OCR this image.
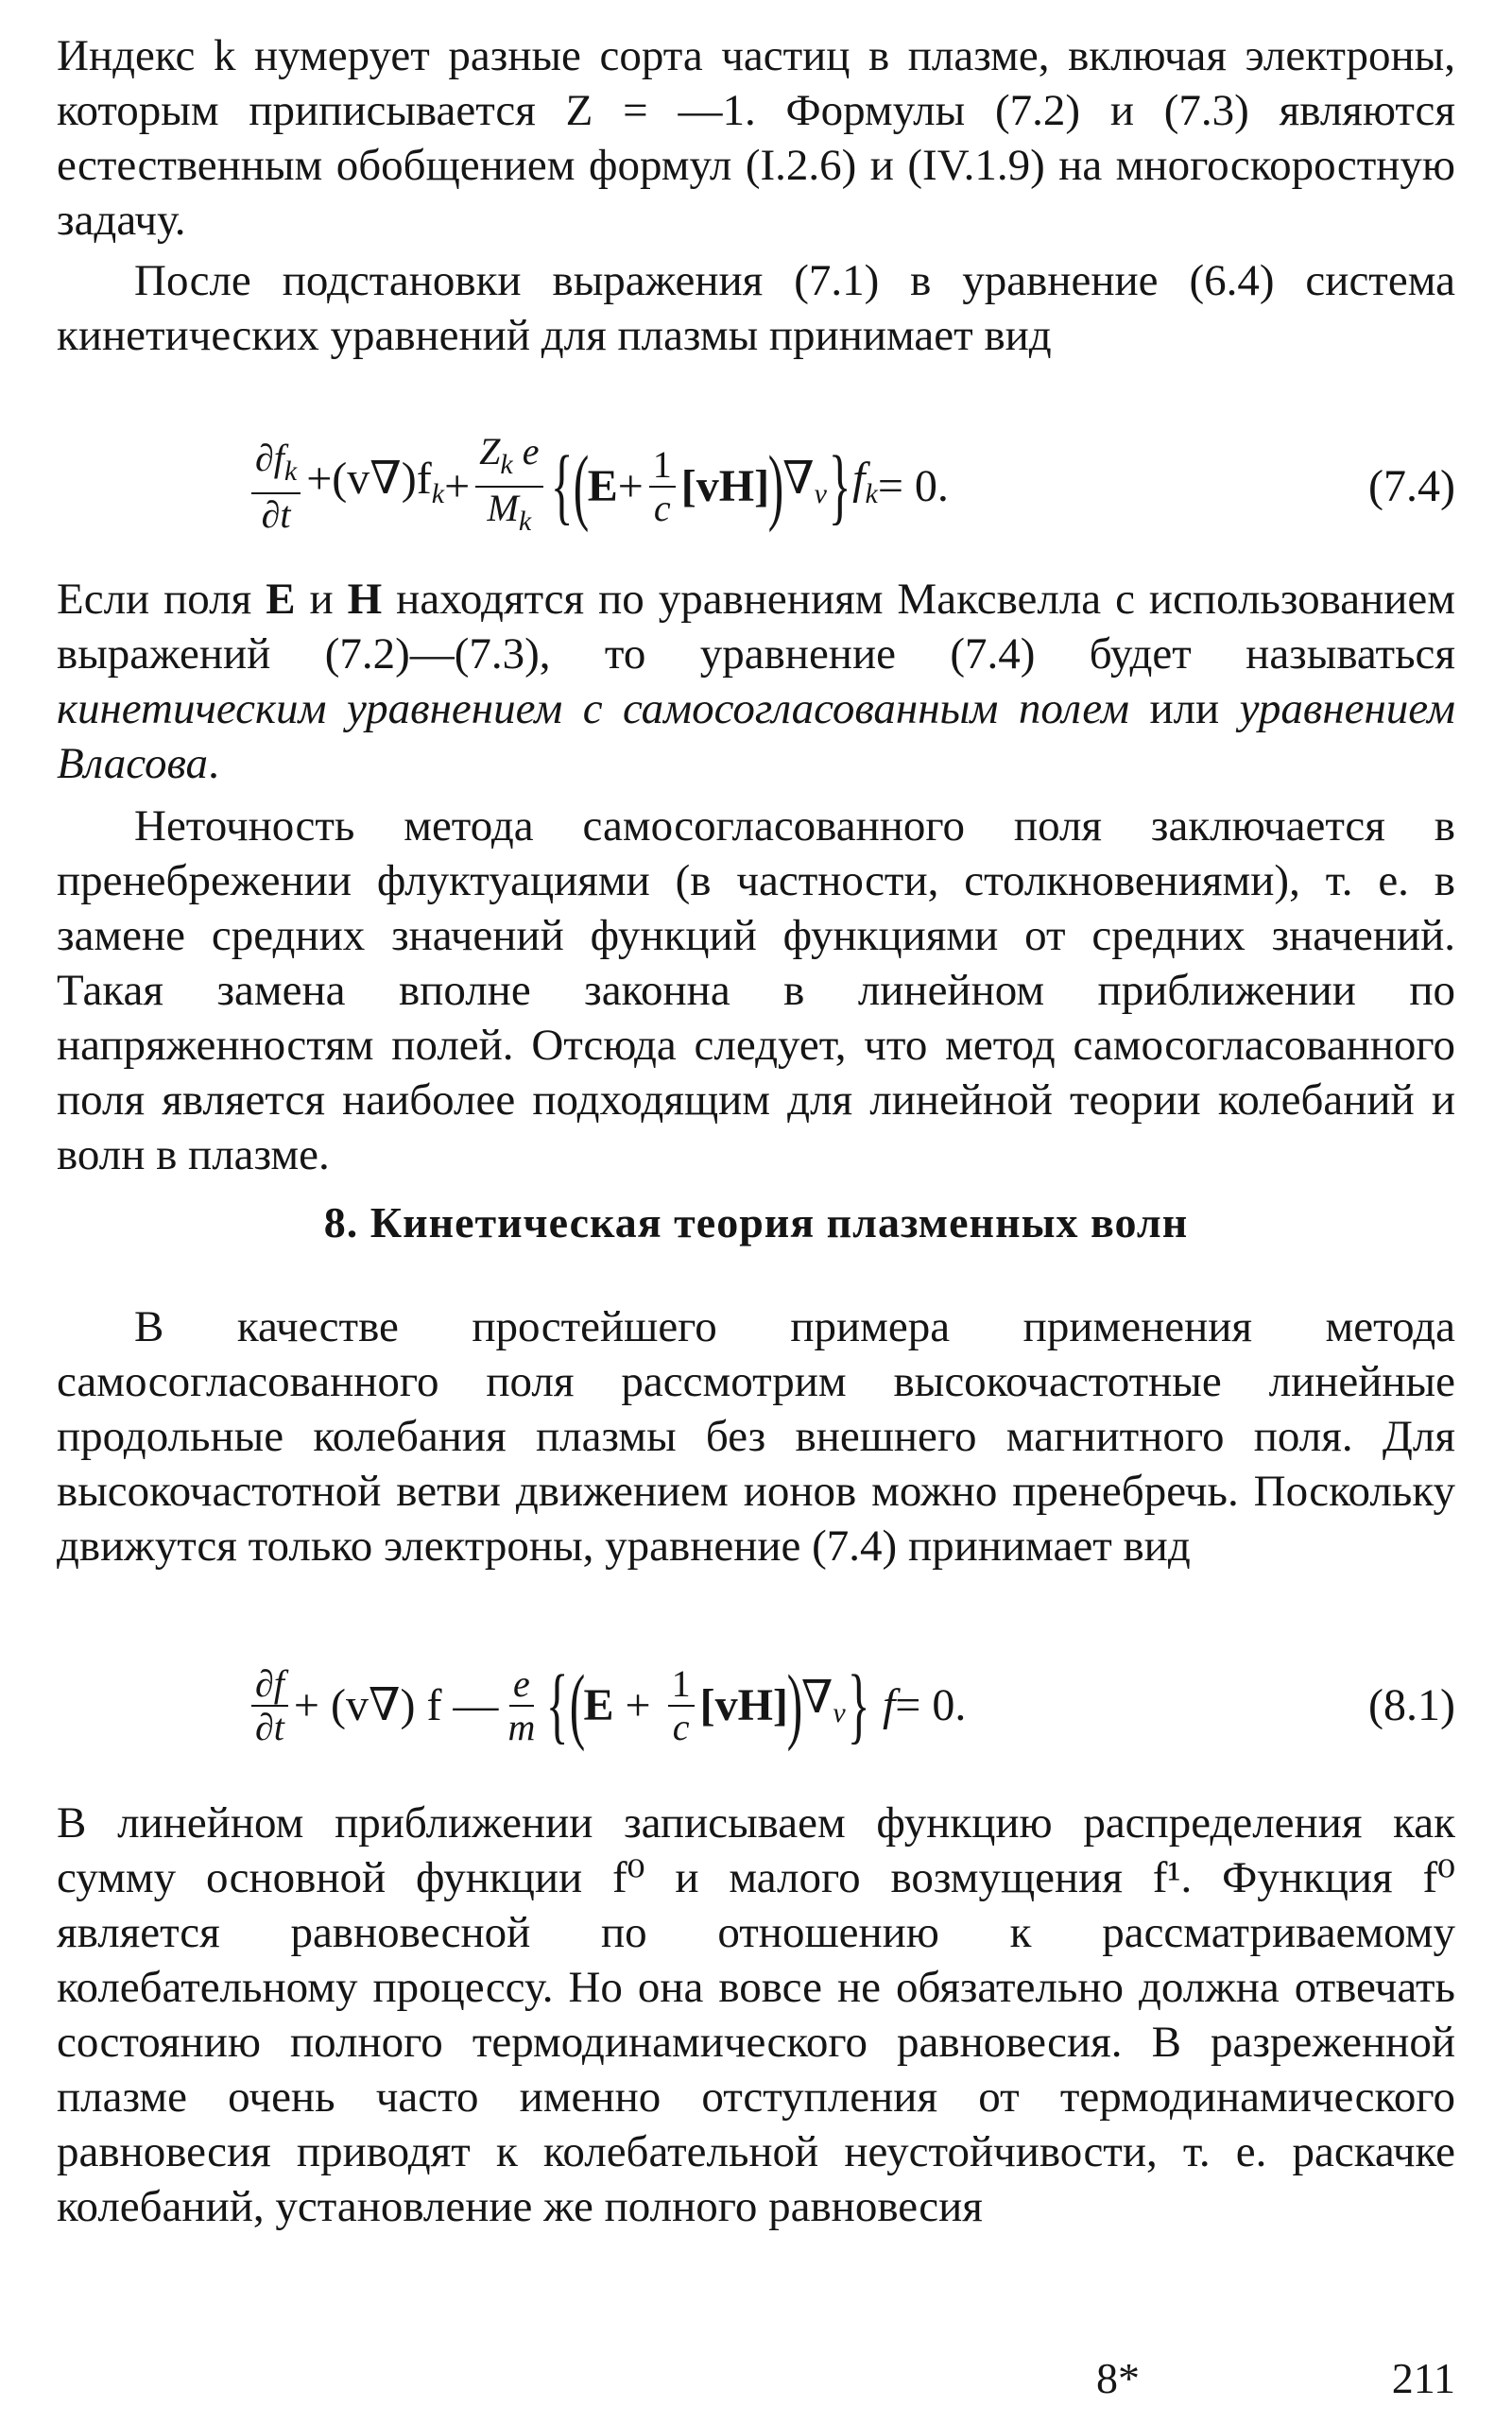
Индекс k нумерует разные сорта частиц в плазме, включая электроны, которым приписывается Z = —1. Формулы (7.2) и (7.3) являются естественным обобщением формул (I.2.6) и (IV.1.9) на многоскоростную задачу.

После подстановки выражения (7.1) в уравнение (6.4) система кинетических уравнений для плазмы принимает вид

$\frac{\partial f_k}{\partial t} +(v\nabla)f_k + \frac{Z_k e}{M_k}$ { (
$E + \frac{1}{c} [vH]$
)
$\nabla_v$ } $f_k = 0$.	(7.4)

Если поля E и H находятся по уравнениям Максвелла с использованием выражений (7.2)—(7.3), то уравнение (7.4) будет называться кинетическим уравнением с самосогласованным полем или уравнением Власова.

Неточность метода самосогласованного поля заключается в пренебрежении флуктуациями (в частности, столкновениями), т. е. в замене средних значений функций функциями от средних значений. Такая замена вполне законна в линейном приближении по напряженностям полей. Отсюда следует, что метод самосогласованного поля является наиболее подходящим для линейной теории колебаний и волн в плазме.

8. Кинетическая теория плазменных волн

В качестве простейшего примера применения метода самосогласованного поля рассмотрим высокочастотные линейные продольные колебания плазмы без внешнего магнитного поля. Для высокочастотной ветви движением ионов можно пренебречь. Поскольку движутся только электроны, уравнение (7.4) принимает вид

$\frac{\partial f}{\partial t} + (v\nabla)$ f — $\frac{e}{m}$ { (
$E + \frac{1}{c} [vH]$
)
$\nabla_v$ } f = 0.	(8.1)

В линейном приближении записываем функцию распределения как сумму основной функции f⁰ и малого возмущения f¹. Функция f⁰ является равновесной по отношению к рассматриваемому колебательному процессу. Но она вовсе не обязательно должна отвечать состоянию полного термодинамического равновесия. В разреженной плазме очень часто именно отступления от термодинамического равновесия приводят к колебательной неустойчивости, т. е. раскачке колебаний, установление же полного равновесия

8*	211
